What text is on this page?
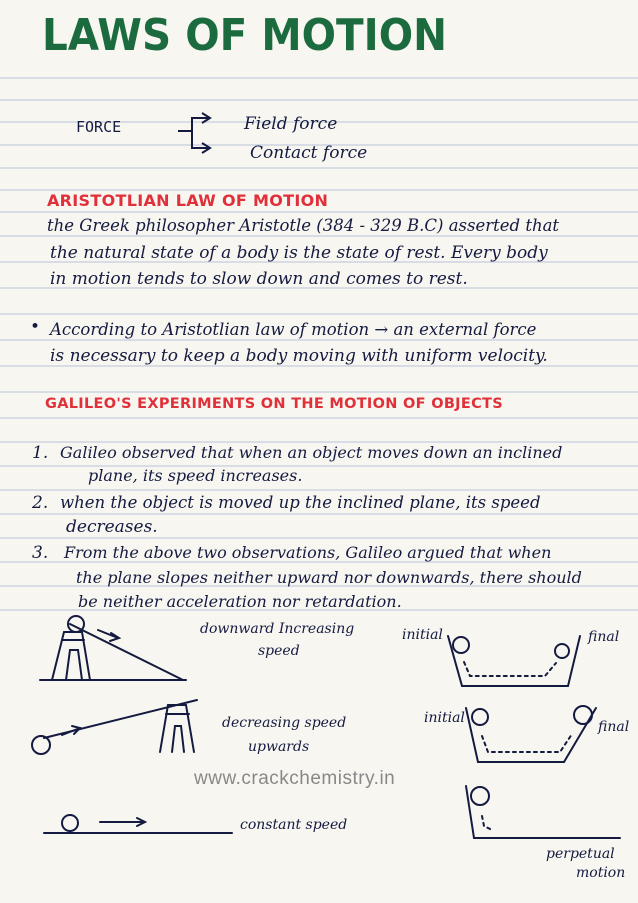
LAWS OF MOTION
FORCE	Field force
Contact force
ARISTOTLIAN LAW OF MOTION
the Greek philosopher Aristotle (384 - 329 B.C) asserted that
the natural state of a body is the state of rest. Every body
in motion tends to slow down and comes to rest.
• According to Aristotlian law of motion → an external force
is necessary to keep a body moving with uniform velocity.
GALILEO'S EXPERIMENTS ON THE MOTION OF OBJECTS
1. Galileo observed that when an object moves down an inclined
plane, its speed increases.
2. when the object is moved up the inclined plane, its speed
decreases.
3. From the above two observations, Galileo argued that when
the plane slopes neither upward nor downwards, there should
be neither acceleration nor retardation.
downward Increasing
speed
decreasing speed
upwards
constant speed
initial	final
initial
final
perpetual
motion
www.crackchemistry.in
